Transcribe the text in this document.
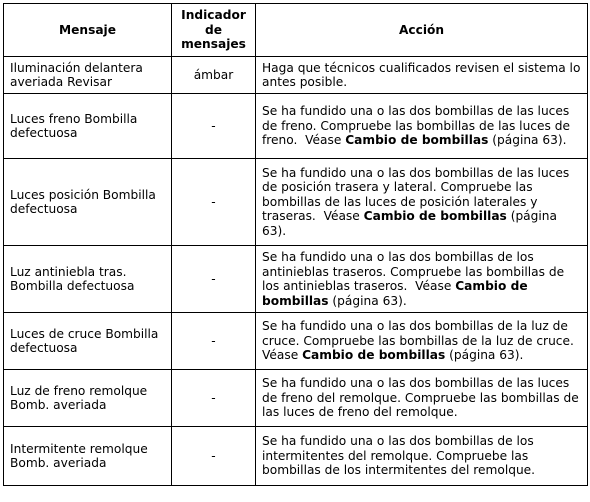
Mensaje	Indicador de mensajes	Acción
Iluminación delantera averiada Revisar	ámbar	Haga que técnicos cualificados revisen el sistema lo antes posible.
Luces freno Bombilla defectuosa	-	Se ha fundido una o las dos bombillas de las luces de freno. Compruebe las bombillas de las luces de freno. Véase Cambio de bombillas (página 63).
Luces posición Bombilla defectuosa	-	Se ha fundido una o las dos bombillas de las luces de posición trasera y lateral. Compruebe las bombillas de las luces de posición laterales y traseras. Véase Cambio de bombillas (página 63).
Luz antiniebla tras. Bombilla defectuosa	-	Se ha fundido una o las dos bombillas de los antinieblas traseros. Compruebe las bombillas de los antinieblas traseros. Véase Cambio de bombillas (página 63).
Luces de cruce Bombilla defectuosa	-	Se ha fundido una o las dos bombillas de la luz de cruce. Compruebe las bombillas de la luz de cruce. Véase Cambio de bombillas (página 63).
Luz de freno remolque Bomb. averiada	-	Se ha fundido una o las dos bombillas de las luces de freno del remolque. Compruebe las bombillas de las luces de freno del remolque.
Intermitente remolque Bomb. averiada	-	Se ha fundido una o las dos bombillas de los intermitentes del remolque. Compruebe las bombillas de los intermitentes del remolque.
